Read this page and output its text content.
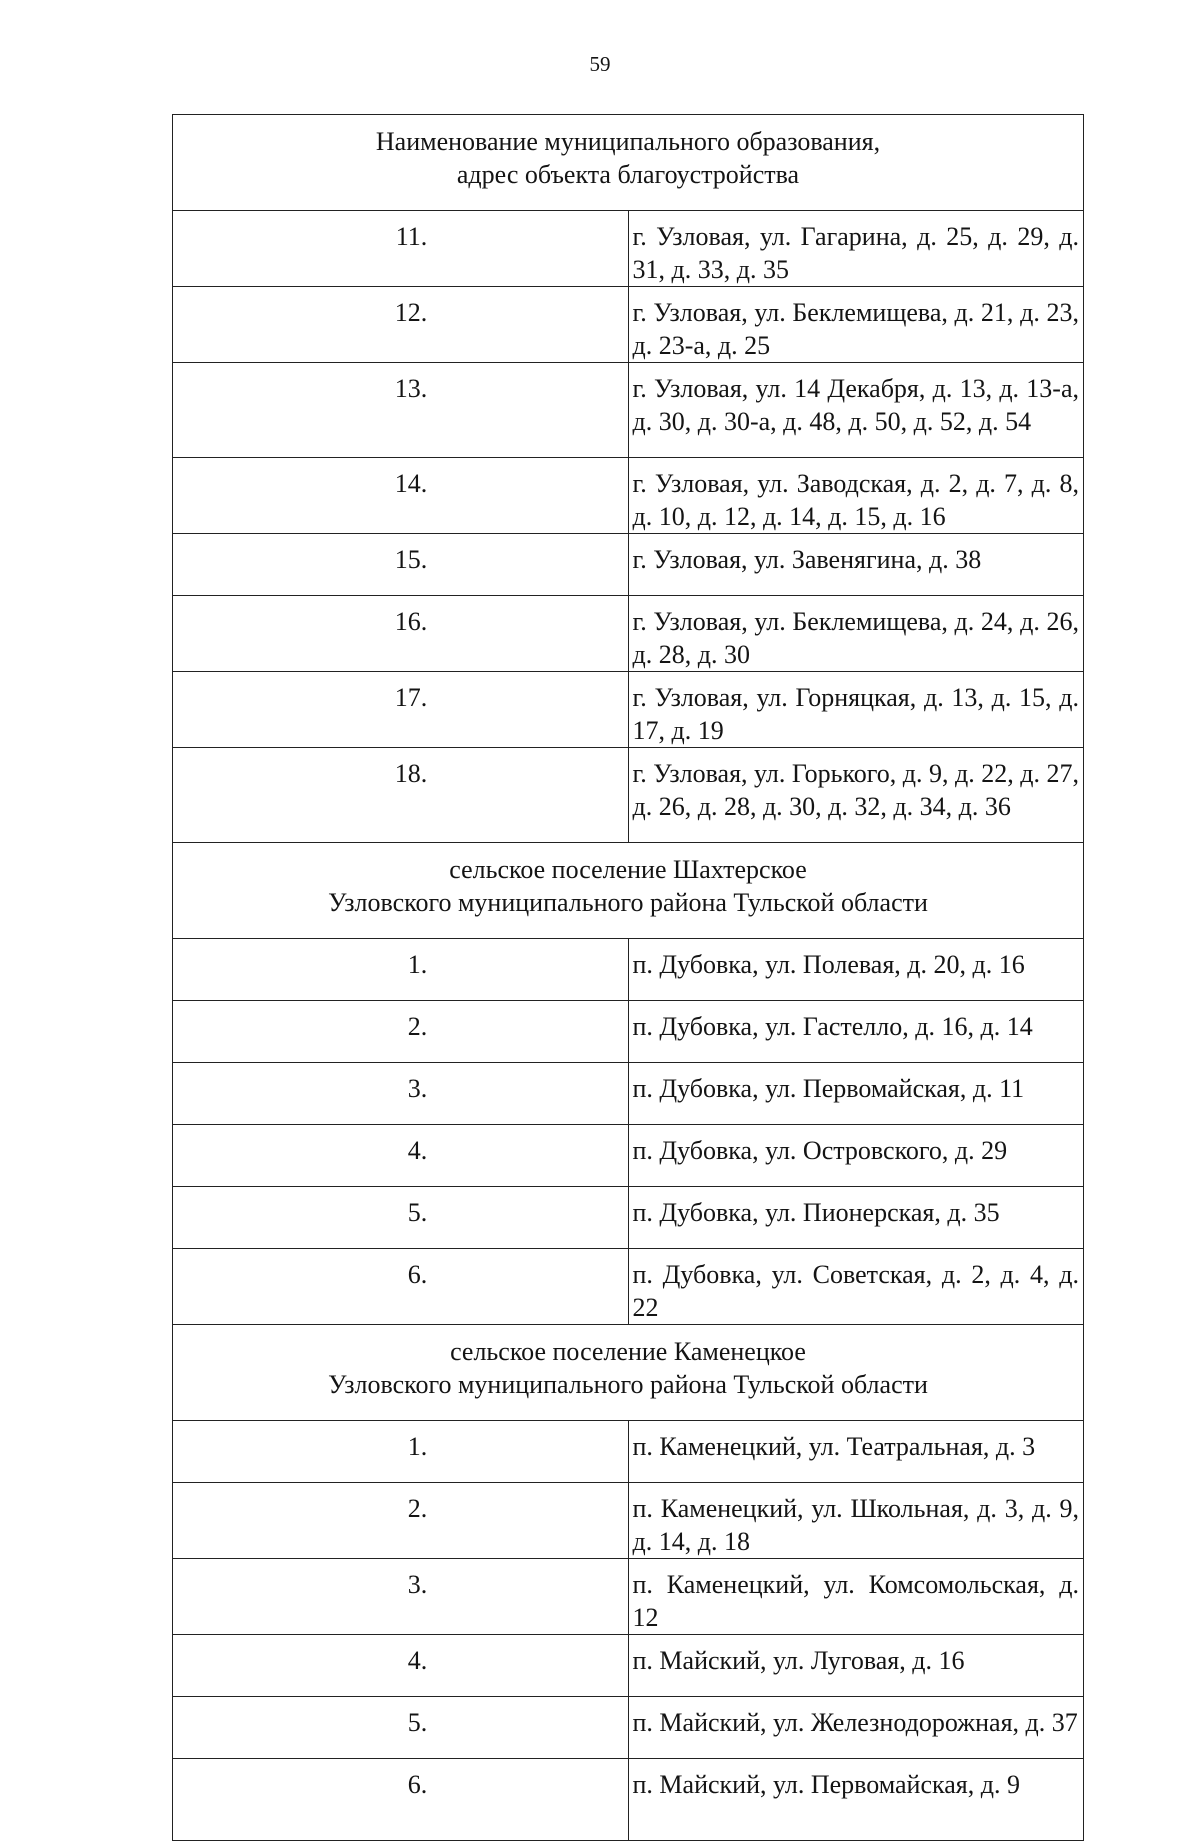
59
Наименование муниципального образования,
адрес объекта благоустройства	

11.	г. Узловая, ул. Гагарина, д. 25, д. 29, д. 31, д. 33, д. 35
12.	г. Узловая, ул. Беклемищева, д. 21, д. 23, д. 23-а, д. 25
13.	г. Узловая, ул. 14 Декабря, д. 13, д. 13-а, д. 30, д. 30-а, д. 48, д. 50, д. 52, д. 54
14.	г. Узловая, ул. Заводская, д. 2, д. 7, д. 8, д. 10, д. 12, д. 14, д. 15, д. 16
15.	г. Узловая, ул. Завенягина, д. 38
16.	г. Узловая, ул. Беклемищева, д. 24, д. 26, д. 28, д. 30
17.	г. Узловая, ул. Горняцкая, д. 13, д. 15, д. 17, д. 19
18.	г. Узловая, ул. Горького, д. 9, д. 22, д. 27, д. 26, д. 28, д. 30, д. 32, д. 34, д. 36

сельское поселение Шахтерское
Узловского муниципального района Тульской области	

1.	п. Дубовка, ул. Полевая, д. 20, д. 16
2.	п. Дубовка, ул. Гастелло, д. 16, д. 14
3.	п. Дубовка, ул. Первомайская, д. 11
4.	п. Дубовка, ул. Островского, д. 29
5.	п. Дубовка, ул. Пионерская, д. 35
6.	п. Дубовка, ул. Советская, д. 2, д. 4, д. 22

сельское поселение Каменецкое
Узловского муниципального района Тульской области	

1.	п. Каменецкий, ул. Театральная, д. 3
2.	п. Каменецкий, ул. Школьная, д. 3, д. 9, д. 14, д. 18
3.	п. Каменецкий, ул. Комсомольская, д. 12
4.	п. Майский, ул. Луговая, д. 16
5.	п. Майский, ул. Железнодорожная, д. 37
6.	п. Майский, ул. Первомайская, д. 9
